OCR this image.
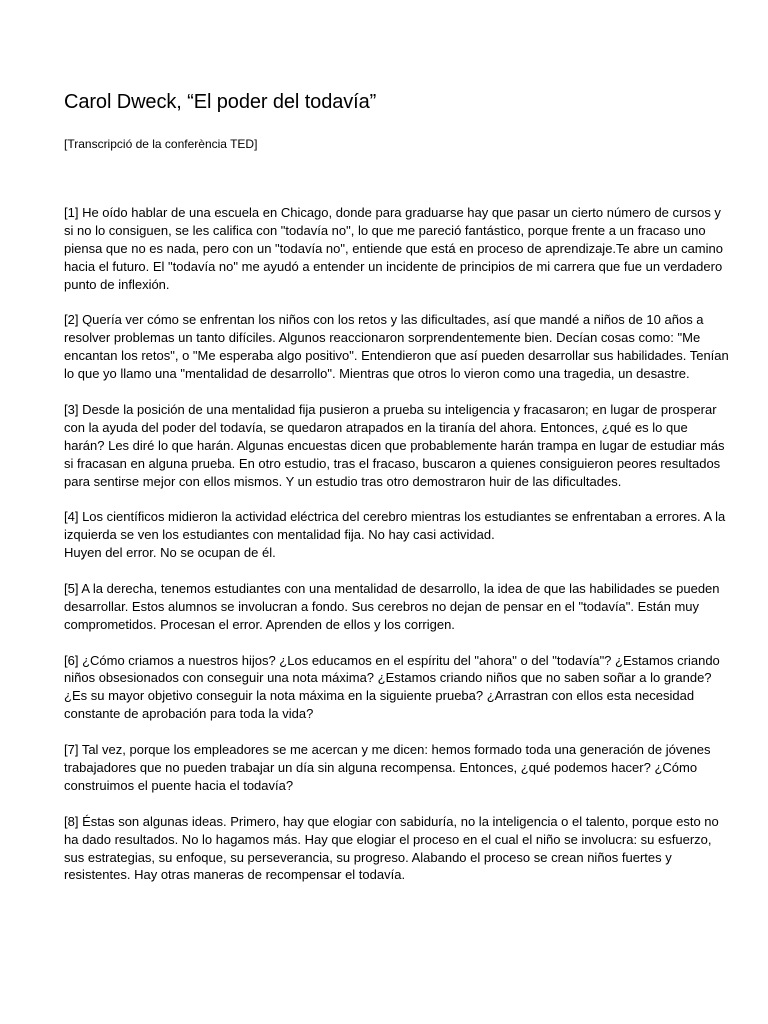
Carol Dweck, “El poder del todavía”

[Transcripció de la conferència TED]

[1] He oído hablar de una escuela en Chicago, donde para graduarse hay que pasar un cierto número de cursos y si no lo consiguen, se les califica con "todavía no", lo que me pareció fantástico, porque frente a un fracaso uno piensa que no es nada, pero con un "todavía no", entiende que está en proceso de aprendizaje.Te abre un camino hacia el futuro. El "todavía no" me ayudó a entender un incidente de principios de mi carrera que fue un verdadero punto de inflexión.

[2] Quería ver cómo se enfrentan los niños con los retos y las dificultades, así que mandé a niños de 10 años a resolver problemas un tanto difíciles. Algunos reaccionaron sorprendentemente bien. Decían cosas como: "Me encantan los retos", o "Me esperaba algo positivo". Entendieron que así pueden desarrollar sus habilidades. Tenían lo que yo llamo una "mentalidad de desarrollo". Mientras que otros lo vieron como una tragedia, un desastre.

[3] Desde la posición de una mentalidad fija pusieron a prueba su inteligencia y fracasaron; en lugar de prosperar con la ayuda del poder del todavía, se quedaron atrapados en la tiranía del ahora. Entonces, ¿qué es lo que harán? Les diré lo que harán. Algunas encuestas dicen que probablemente harán trampa en lugar de estudiar más si fracasan en alguna prueba. En otro estudio, tras el fracaso, buscaron a quienes consiguieron peores resultados para sentirse mejor con ellos mismos. Y un estudio tras otro demostraron huir de las dificultades.

[4] Los científicos midieron la actividad eléctrica del cerebro mientras los estudiantes se enfrentaban a errores. A la izquierda se ven los estudiantes con mentalidad fija. No hay casi actividad.
Huyen del error. No se ocupan de él.

[5] A la derecha, tenemos estudiantes con una mentalidad de desarrollo, la idea de que las habilidades se pueden desarrollar. Estos alumnos se involucran a fondo. Sus cerebros no dejan de pensar en el "todavía". Están muy comprometidos. Procesan el error. Aprenden de ellos y los corrigen.

[6] ¿Cómo criamos a nuestros hijos? ¿Los educamos en el espíritu del "ahora" o del "todavía"? ¿Estamos criando niños obsesionados con conseguir una nota máxima? ¿Estamos criando niños que no saben soñar a lo grande? ¿Es su mayor objetivo conseguir la nota máxima en la siguiente prueba? ¿Arrastran con ellos esta necesidad constante de aprobación para toda la vida?

[7] Tal vez, porque los empleadores se me acercan y me dicen: hemos formado toda una generación de jóvenes trabajadores que no pueden trabajar un día sin alguna recompensa. Entonces, ¿qué podemos hacer? ¿Cómo construimos el puente hacia el todavía?

[8] Éstas son algunas ideas. Primero, hay que elogiar con sabiduría, no la inteligencia o el talento, porque esto no ha dado resultados. No lo hagamos más. Hay que elogiar el proceso en el cual el niño se involucra: su esfuerzo, sus estrategias, su enfoque, su perseverancia, su progreso. Alabando el proceso se crean niños fuertes y resistentes. Hay otras maneras de recompensar el todavía.
